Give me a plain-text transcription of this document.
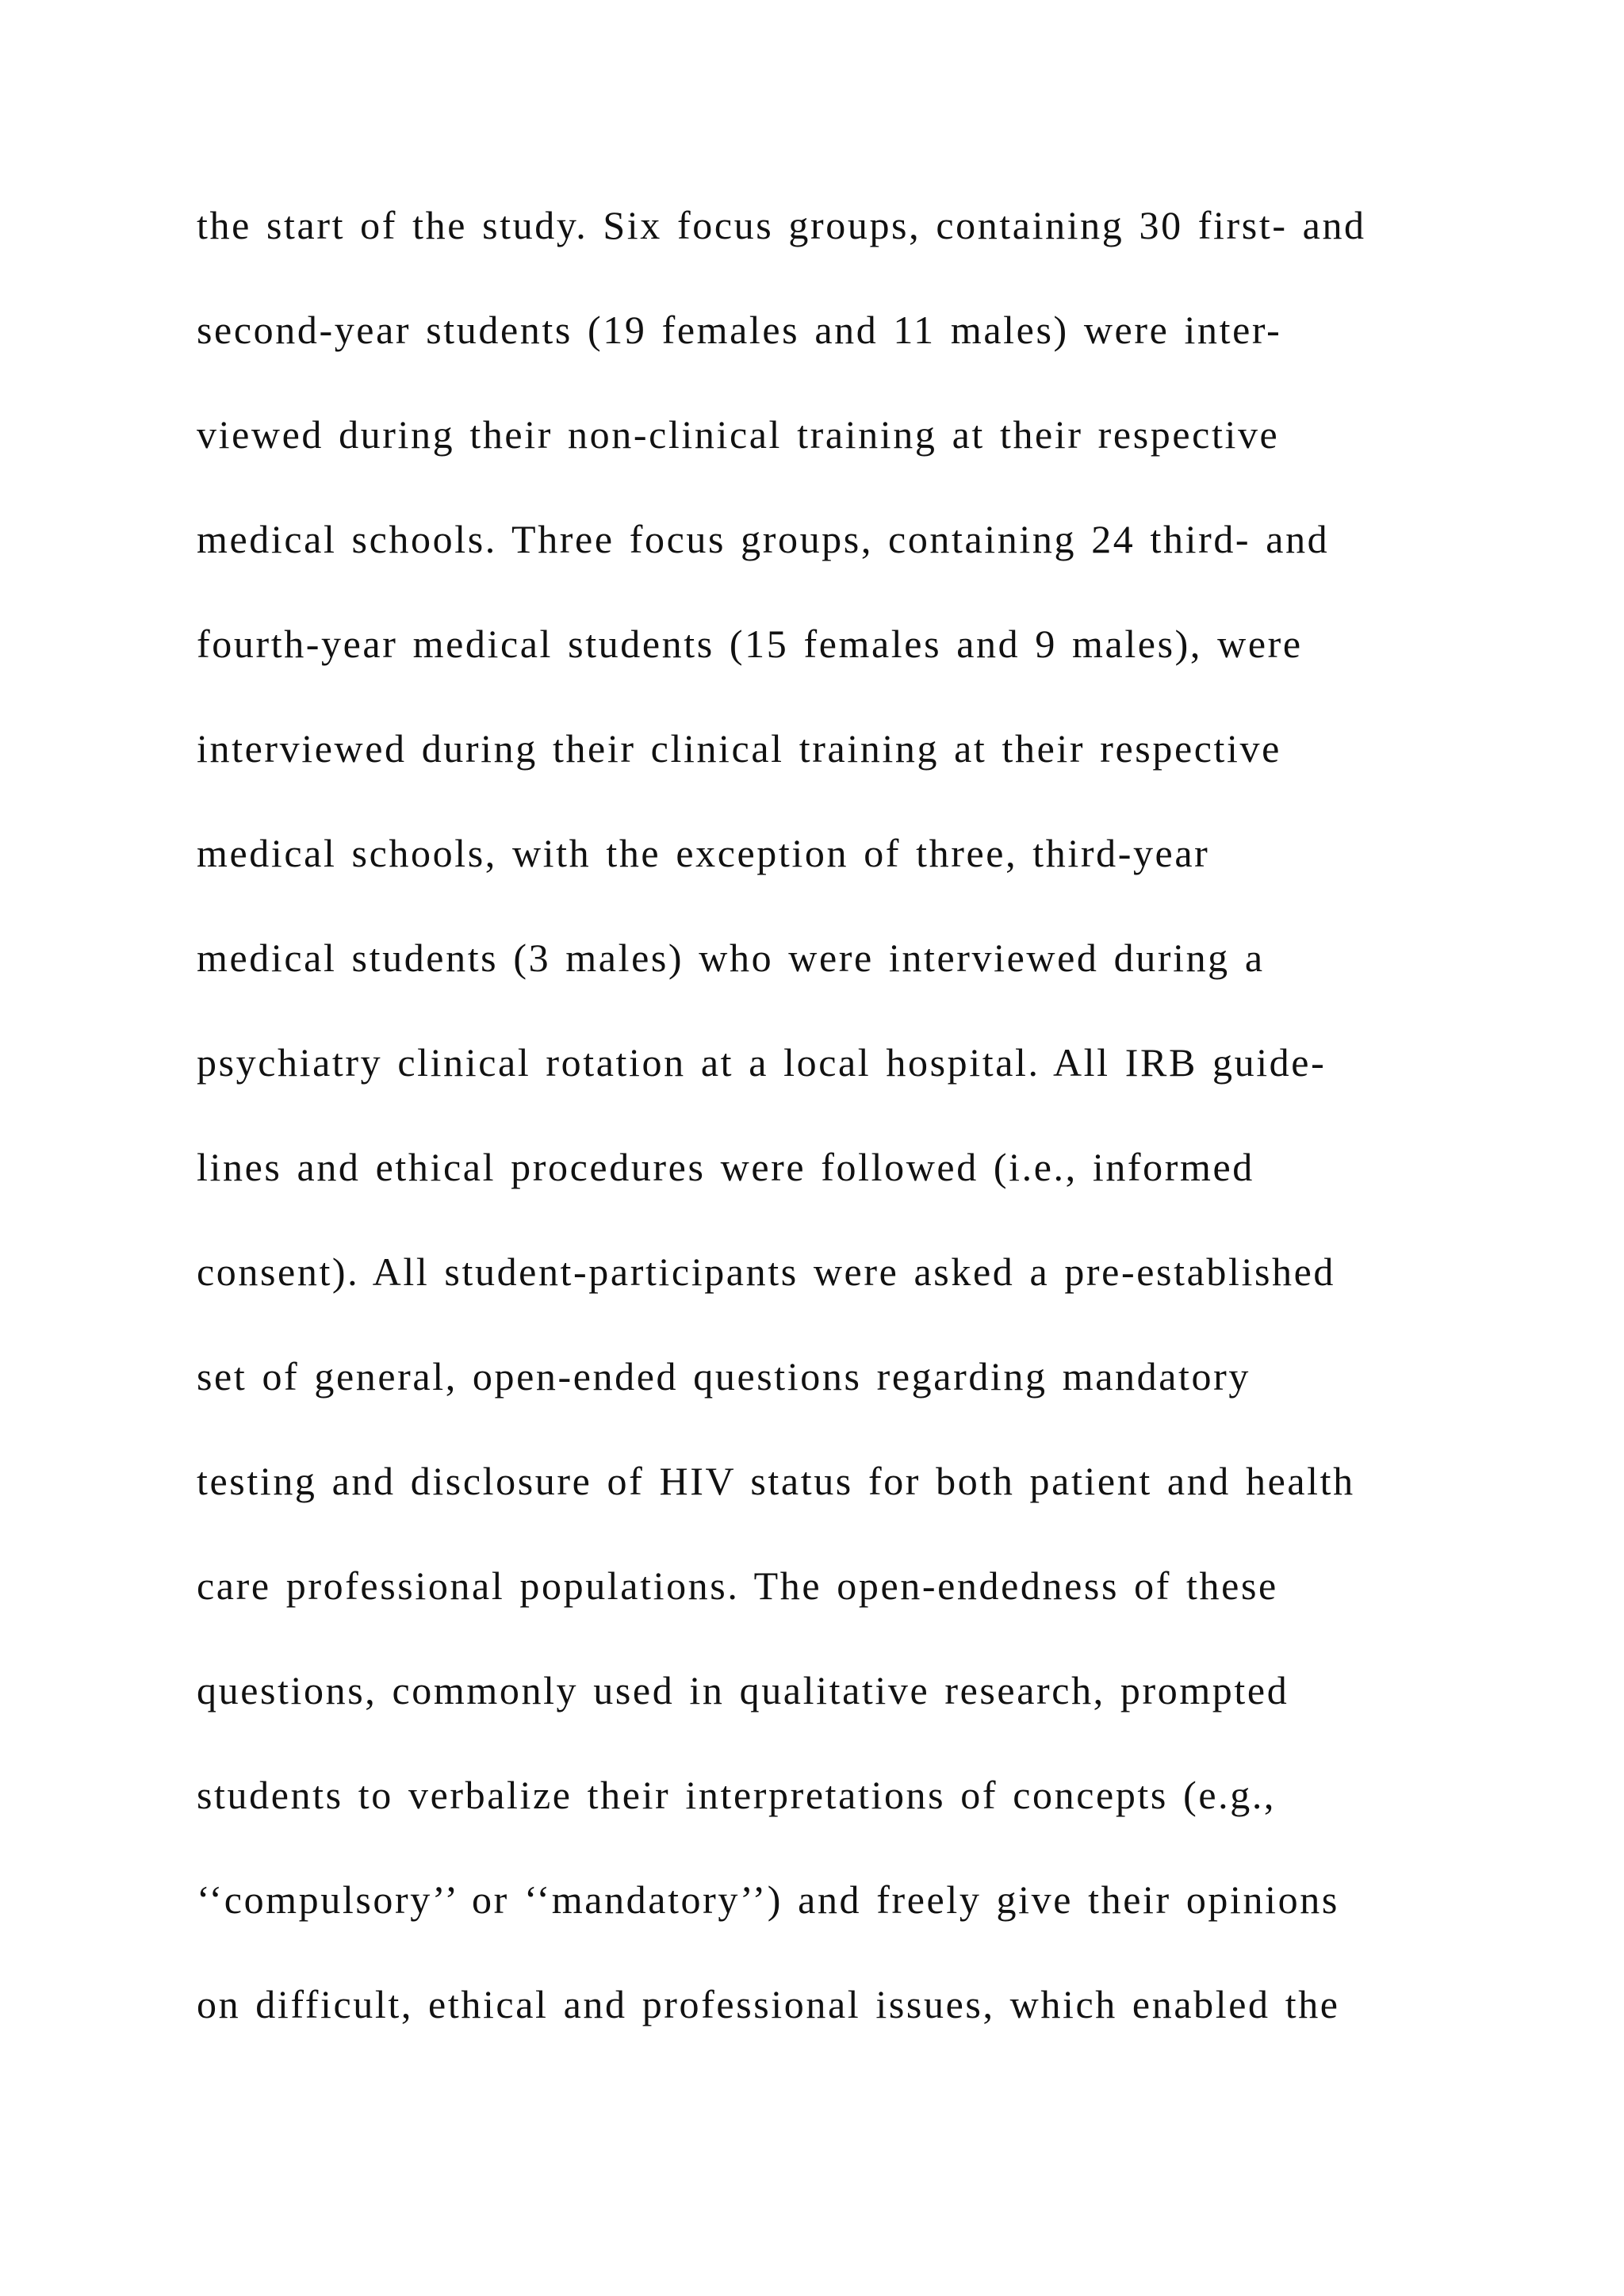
the start of the study. Six focus groups, containing 30 first- and
second-year students (19 females and 11 males) were inter-
viewed during their non-clinical training at their respective
medical schools. Three focus groups, containing 24 third- and
fourth-year medical students (15 females and 9 males), were
interviewed during their clinical training at their respective
medical schools, with the exception of three, third-year
medical students (3 males) who were interviewed during a
psychiatry clinical rotation at a local hospital. All IRB guide-
lines and ethical procedures were followed (i.e., informed
consent). All student-participants were asked a pre-established
set of general, open-ended questions regarding mandatory
testing and disclosure of HIV status for both patient and health
care professional populations. The open-endedness of these
questions, commonly used in qualitative research, prompted
students to verbalize their interpretations of concepts (e.g.,
‘‘compulsory’’ or ‘‘mandatory’’) and freely give their opinions
on difficult, ethical and professional issues, which enabled the
